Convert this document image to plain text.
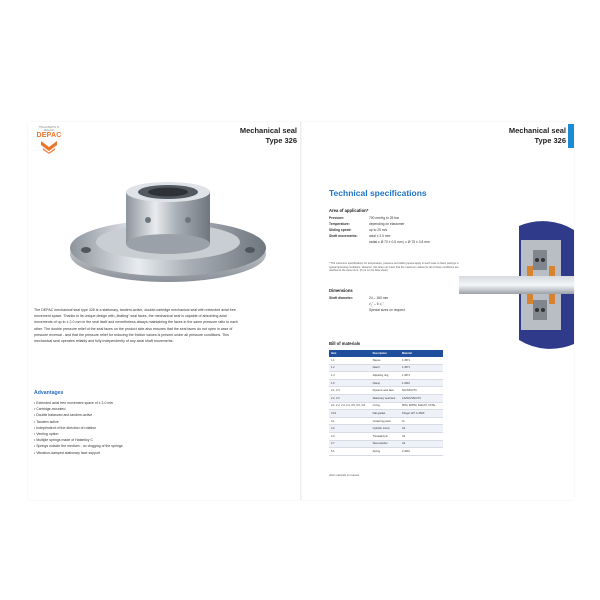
THE EXPERTS IN SEALING
DEPAC
Mechanical seal
Type 326
The DEPAC mechanical seal type 326 is a stationary, tandem-active, double-cartridge mechanical seal with extended axial free movement space. Thanks to its unique design with „floating“ seal faces, the mechanical seal is capable of absorbing axial movements of up to ± 2.0 mm in the seal itself and nevertheless always maintaining the faces in the same pressure ratio to each other. The double pressure relief of the seal faces on the product side also ensures that the seal faces do not open in case of pressure reversal - and that the pressure relief for reducing the friction values is present under all pressure conditions. This mechanical seal operates reliably and fully independently of any axial shaft movements.
Advantages
• Extended axial free movement space of ± 2.0 mm
• Cartridge-mounted
• Double balanced and tandem-active
• Tandem active
• Independent of the direction of rotation
• Venting option
• Multiple springs made of Hastelloy C
• Springs outside the medium - no clogging of the springs
• Vibration-damped stationary face support
Mechanical seal
Type 326
Technical specifications
Area of application*
Pressure:	700 mmHg to 25 bar
Temperature:	depending on elastomer
Sliding speed:	up to 25 m/s
Shaft movements:	axial ± 2.0 mm
radial ≤ Ø 70 ± 0.5 mm | ≥ Ø 75 ± 0.8 mm
* The maximum specifications for temperature, pressure and sliding speed apply in each case to basic pairings in typical operating conditions. However, this does not mean that the maximum values for all of these conditions are reached at the same time. (Fn is on the data sheet)
Dimensions
Shaft diameter:	24 – 160 mm
¹⁄₂" – 6 ¹⁄₂"
Special sizes on request
Bill of materials
Item	Description	Material
1.1	Sleeve	1.4571
1.2	Gland	1.4571
1.4	Adjusting ring	1.4571
1.6	Clamp	1.4310
2.1, 3.3	Dynamic seal face	SiC/SSiC/TC
2.2, 3.2	Stationary seal face	CA/SiC/SSiC/TC
2.1, 2.2, 2.3, 3.4, 3.5, 3.6, 3.8	O-ring	FKM, EPDM, Kalrez®, FFTE...
3.10	Flat gasket	Klinger sil® C-4500
4.1	Centering piece	Al
4.2	Cylinder screw	A4
4.3	Threaded pin	A4
4.7	Steel washer	A2
5.1	Spring	2.4610
other materials on request
